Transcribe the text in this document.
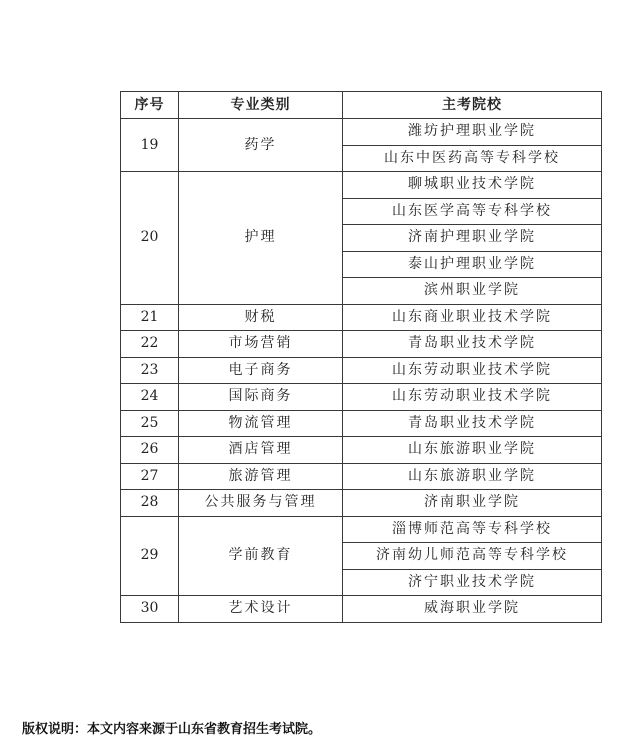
序号	专业类别	主考院校
19	药学	潍坊护理职业学院
		山东中医药高等专科学校
20	护理	聊城职业技术学院
		山东医学高等专科学校
		济南护理职业学院
		泰山护理职业学院
		滨州职业学院
21	财税	山东商业职业技术学院
22	市场营销	青岛职业技术学院
23	电子商务	山东劳动职业技术学院
24	国际商务	山东劳动职业技术学院
25	物流管理	青岛职业技术学院
26	酒店管理	山东旅游职业学院
27	旅游管理	山东旅游职业学院
28	公共服务与管理	济南职业学院
29	学前教育	淄博师范高等专科学校
		济南幼儿师范高等专科学校
		济宁职业技术学院
30	艺术设计	威海职业学院
版权说明：本文内容来源于山东省教育招生考试院。
